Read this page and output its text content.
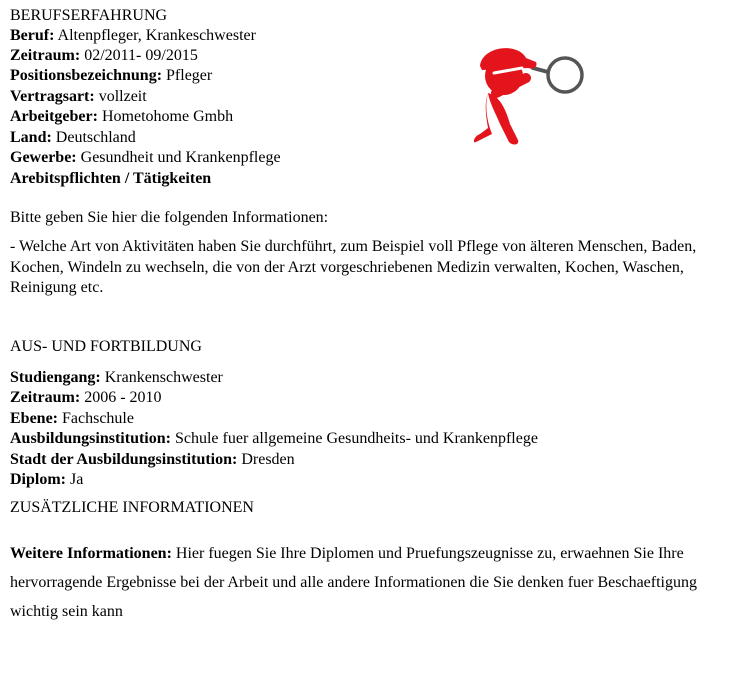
BERUFSERFAHRUNG
Beruf: Altenpfleger, Krankeschwester
Zeitraum: 02/2011- 09/2015
Positionsbezeichnung: Pfleger
Vertragsart: vollzeit
Arbeitgeber: Hometohome Gmbh
Land: Deutschland
Gewerbe: Gesundheit und Krankenpflege
Arebitspflichten / Tätigkeiten
Bitte geben Sie hier die folgenden Informationen:
- Welche Art von Aktivitäten haben Sie durchführt, zum Beispiel voll Pflege von älteren Menschen, Baden, Kochen, Windeln zu wechseln, die von der Arzt vorgeschriebenen Medizin verwalten, Kochen, Waschen, Reinigung etc.
AUS- UND FORTBILDUNG
Studiengang: Krankenschwester
Zeitraum: 2006 - 2010
Ebene: Fachschule
Ausbildungsinstitution: Schule fuer allgemeine Gesundheits- und Krankenpflege
Stadt der Ausbildungsinstitution: Dresden
Diplom: Ja
ZUSÄTZLICHE INFORMATIONEN
Weitere Informationen: Hier fuegen Sie Ihre Diplomen und Pruefungszeugnisse zu, erwaehnen Sie Ihre hervorragende Ergebnisse bei der Arbeit und alle andere Informationen die Sie denken fuer Beschaeftigung wichtig sein kann
